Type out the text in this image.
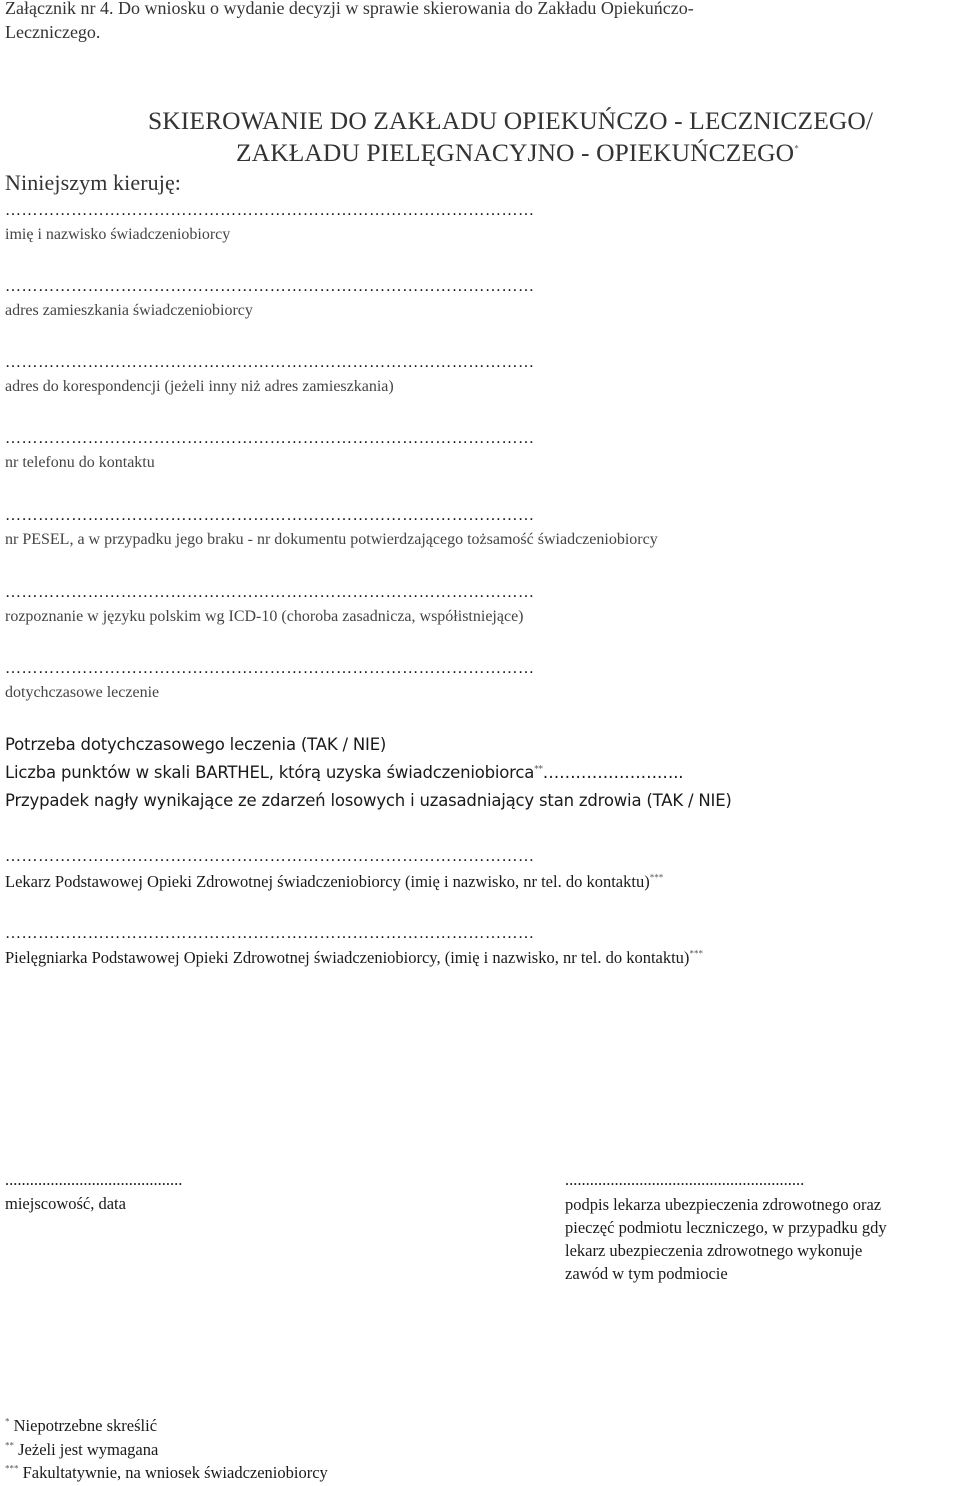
Załącznik nr 4. Do wniosku o wydanie decyzji w sprawie skierowania do Zakładu Opiekuńczo-
Leczniczego.
SKIEROWANIE DO ZAKŁADU OPIEKUŃCZO - LECZNICZEGO/
ZAKŁADU PIELĘGNACYJNO - OPIEKUŃCZEGO*
Niniejszym kieruję:
……………………………………………………………………………………
imię i nazwisko świadczeniobiorcy
……………………………………………………………………………………
adres zamieszkania świadczeniobiorcy
……………………………………………………………………………………
adres do korespondencji (jeżeli inny niż adres zamieszkania)
……………………………………………………………………………………
nr telefonu do kontaktu
……………………………………………………………………………………
nr PESEL, a w przypadku jego braku - nr dokumentu potwierdzającego tożsamość świadczeniobiorcy
……………………………………………………………………………………
rozpoznanie w języku polskim wg ICD-10 (choroba zasadnicza, współistniejące)
……………………………………………………………………………………
dotychczasowe leczenie
Potrzeba dotychczasowego leczenia (TAK / NIE)
Liczba punktów w skali BARTHEL, którą uzyska świadczeniobiorca**……………………..
Przypadek nagły wynikające ze zdarzeń losowych i uzasadniający stan zdrowia (TAK / NIE)
……………………………………………………………………………………
Lekarz Podstawowej Opieki Zdrowotnej świadczeniobiorcy (imię i nazwisko, nr tel. do kontaktu)***
……………………………………………………………………………………
Pielęgniarka Podstawowej Opieki Zdrowotnej świadczeniobiorcy, (imię i nazwisko, nr tel. do kontaktu)***
...........................................
miejscowość, data
..........................................................
podpis lekarza ubezpieczenia zdrowotnego oraz
pieczęć podmiotu leczniczego, w przypadku gdy
lekarz ubezpieczenia zdrowotnego wykonuje
zawód w tym podmiocie
* Niepotrzebne skreślić
** Jeżeli jest wymagana
*** Fakultatywnie, na wniosek świadczeniobiorcy
